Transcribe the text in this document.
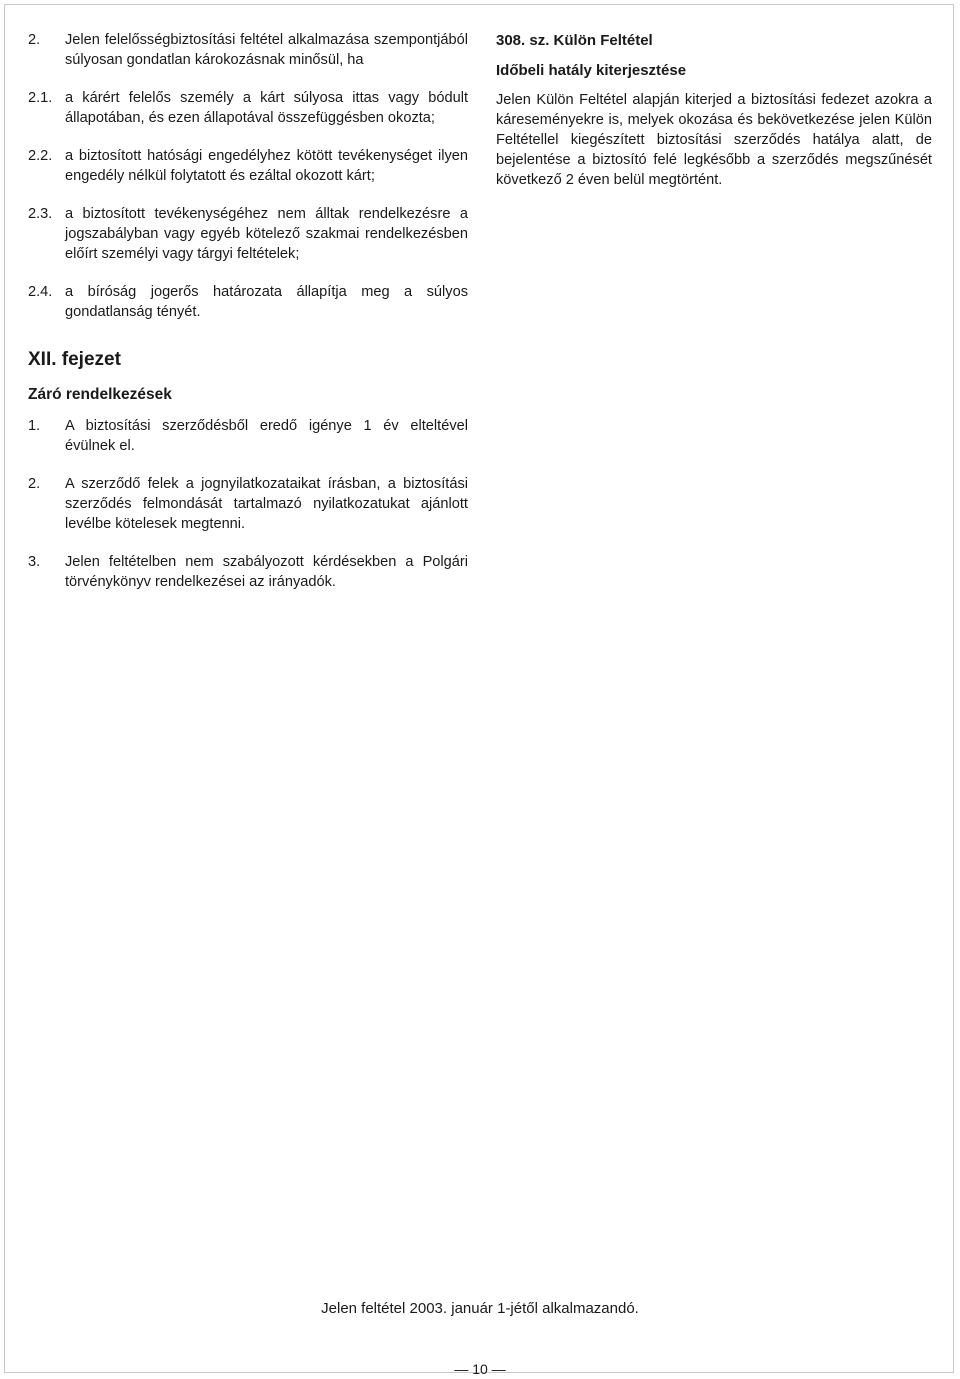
2.	Jelen felelősségbiztosítási feltétel alkalmazása szempontjából súlyosan gondatlan károkozásnak minősül, ha
2.1. a kárért felelős személy a kárt súlyosa ittas vagy bódult állapotában, és ezen állapotával összefüggésben okozta;
2.2. a biztosított hatósági engedélyhez kötött tevékenységet ilyen engedély nélkül folytatott és ezáltal okozott kárt;
2.3. a biztosított tevékenységéhez nem álltak rendelkezésre a jogszabályban vagy egyéb kötelező szakmai rendelkezésben előírt személyi vagy tárgyi feltételek;
2.4. a bíróság jogerős határozata állapítja meg a súlyos gondatlanság tényét.
XII. fejezet
Záró rendelkezések
1.	A biztosítási szerződésből eredő igénye 1 év elteltével évülnek el.
2.	A szerződő felek a jognyilatkozataikat írásban, a biztosítási szerződés felmondását tartalmazó nyilatkozatukat ajánlott levélbe kötelesek megtenni.
3.	Jelen feltételben nem szabályozott kérdésekben a Polgári törvénykönyv rendelkezései az irányadók.
308. sz. Külön Feltétel
Időbeli hatály kiterjesztése
Jelen Külön Feltétel alapján kiterjed a biztosítási fedezet azokra a káreseményekre is, melyek okozása és bekövetkezése jelen Külön Feltétellel kiegészített biztosítási szerződés hatálya alatt, de bejelentése a biztosító felé legkésőbb a szerződés megszűnését következő 2 éven belül megtörtént.
Jelen feltétel 2003. január 1-jétől alkalmazandó.
— 10 —
